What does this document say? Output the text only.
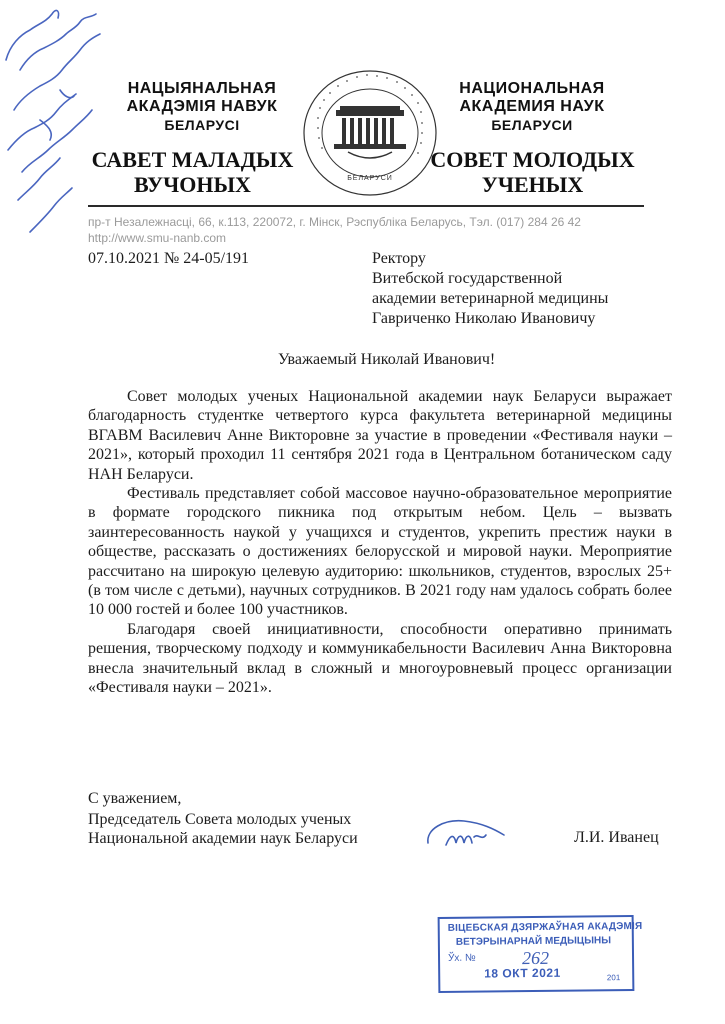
НАЦЫЯНАЛЬНАЯ
АКАДЭМІЯ НАВУК
БЕЛАРУСІ
САВЕТ МАЛАДЫХ
ВУЧОНЫХ	БЕЛАРУСИ
НАЦИОНАЛЬНАЯ
АКАДЕМИЯ НАУК
БЕЛАРУСИ
СОВЕТ МОЛОДЫХ
УЧЕНЫХ
пр-т Незалежнасці, 66, к.113, 220072, г. Мінск, Рэспубліка Беларусь, Тэл. (017) 284 26 42
http://www.smu-nanb.com
07.10.2021 № 24-05/191	Ректору
Витебской государственной
академии ветеринарной медицины
Гавриченко Николаю Ивановичу
Уважаемый Николай Иванович!

Совет молодых ученых Национальной академии наук Беларуси выражает благодарность студентке четвертого курса факультета ветеринарной медицины ВГАВМ Василевич Анне Викторовне за участие в проведении «Фестиваля науки – 2021», который проходил 11 сентября 2021 года в Центральном ботаническом саду НАН Беларуси.

Фестиваль представляет собой массовое научно-образовательное мероприятие в формате городского пикника под открытым небом. Цель – вызвать заинтересованность наукой у учащихся и студентов, укрепить престиж науки в обществе, рассказать о достижениях белорусской и мировой науки. Мероприятие рассчитано на широкую целевую аудиторию: школьников, студентов, взрослых 25+ (в том числе с детьми), научных сотрудников. В 2021 году нам удалось собрать более 10 000 гостей и более 100 участников.

Благодаря своей инициативности, способности оперативно принимать решения, творческому подходу и коммуникабельности Василевич Анна Викторовна внесла значительный вклад в сложный и многоуровневый процесс организации «Фестиваля науки – 2021».

С уважением,
Председатель Совета молодых ученых
Национальной академии наук Беларуси	Л.И. Иванец
ВІЦЕБСКАЯ ДЗЯРЖАЎНАЯ АКАДЭМІЯ
ВЕТЭРЫНАРНАЙ МЕДЫЦЫНЫ
Ўх. №	262
18 ОКТ 2021	201
